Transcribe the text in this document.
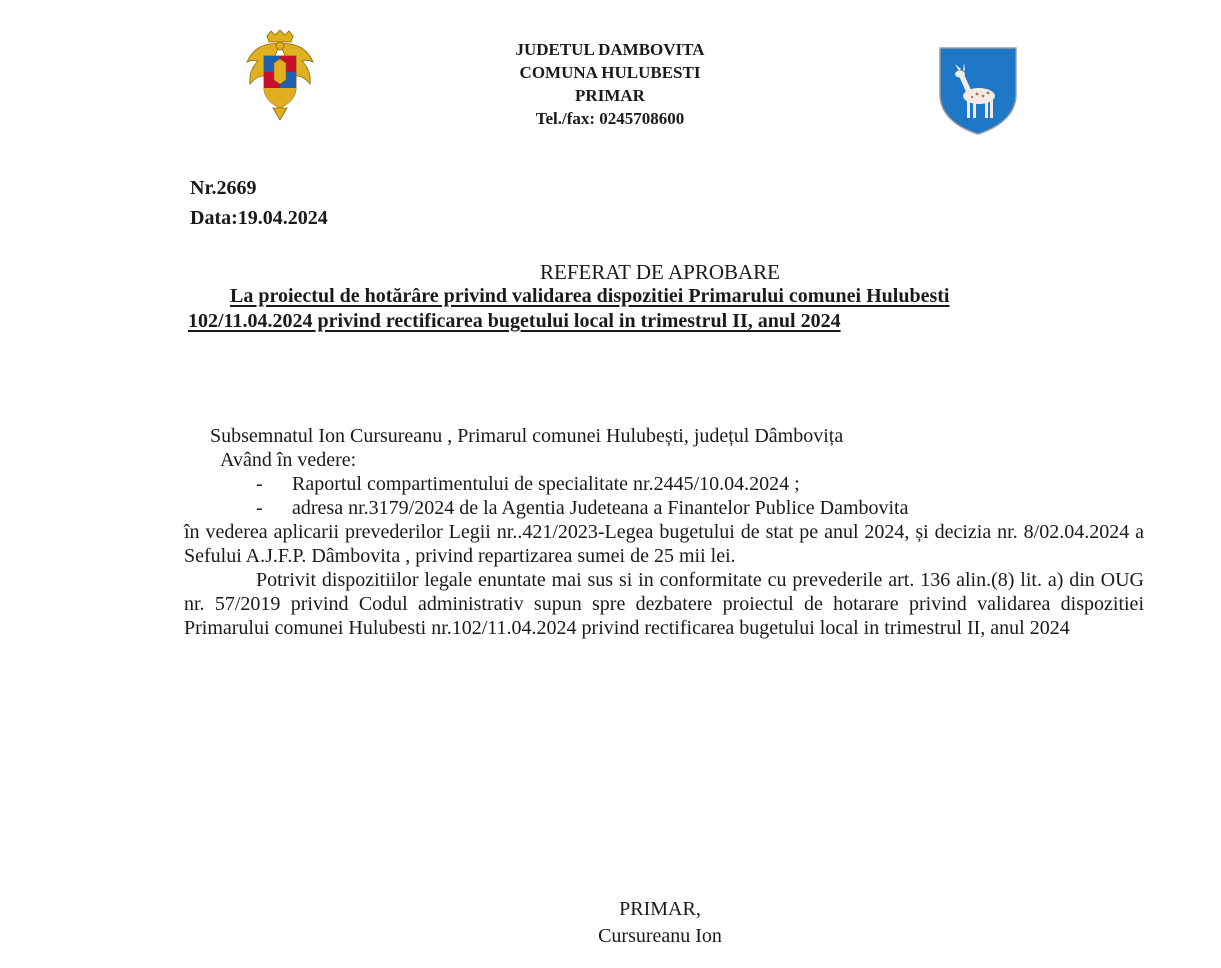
JUDETUL DAMBOVITA
COMUNA HULUBESTI
PRIMAR
Tel./fax: 0245708600
Nr.2669
Data:19.04.2024
REFERAT DE APROBARE
La proiectul de hotărâre privind validarea dispozitiei Primarului comunei Hulubesti
102/11.04.2024 privind rectificarea bugetului local in trimestrul II, anul 2024

Subsemnatul Ion Cursureanu , Primarul comunei Hulubești, județul Dâmbovița

Având în vedere:

-	Raportul compartimentului de specialitate nr.2445/10.04.2024 ;
-	adresa nr.3179/2024 de la Agentia Judeteana a Finantelor Publice Dambovita

în vederea aplicarii prevederilor Legii nr..421/2023-Legea bugetului de stat pe anul 2024, și decizia nr. 8/02.04.2024 a Sefului A.J.F.P. Dâmbovita , privind repartizarea sumei de 25 mii lei.

Potrivit dispozitiilor legale enuntate mai sus si in conformitate cu prevederile art. 136 alin.(8) lit. a) din OUG nr. 57/2019 privind Codul administrativ supun spre dezbatere proiectul de hotarare privind validarea dispozitiei Primarului comunei Hulubesti nr.102/11.04.2024 privind rectificarea bugetului local in trimestrul II, anul 2024

PRIMAR,
Cursureanu Ion
